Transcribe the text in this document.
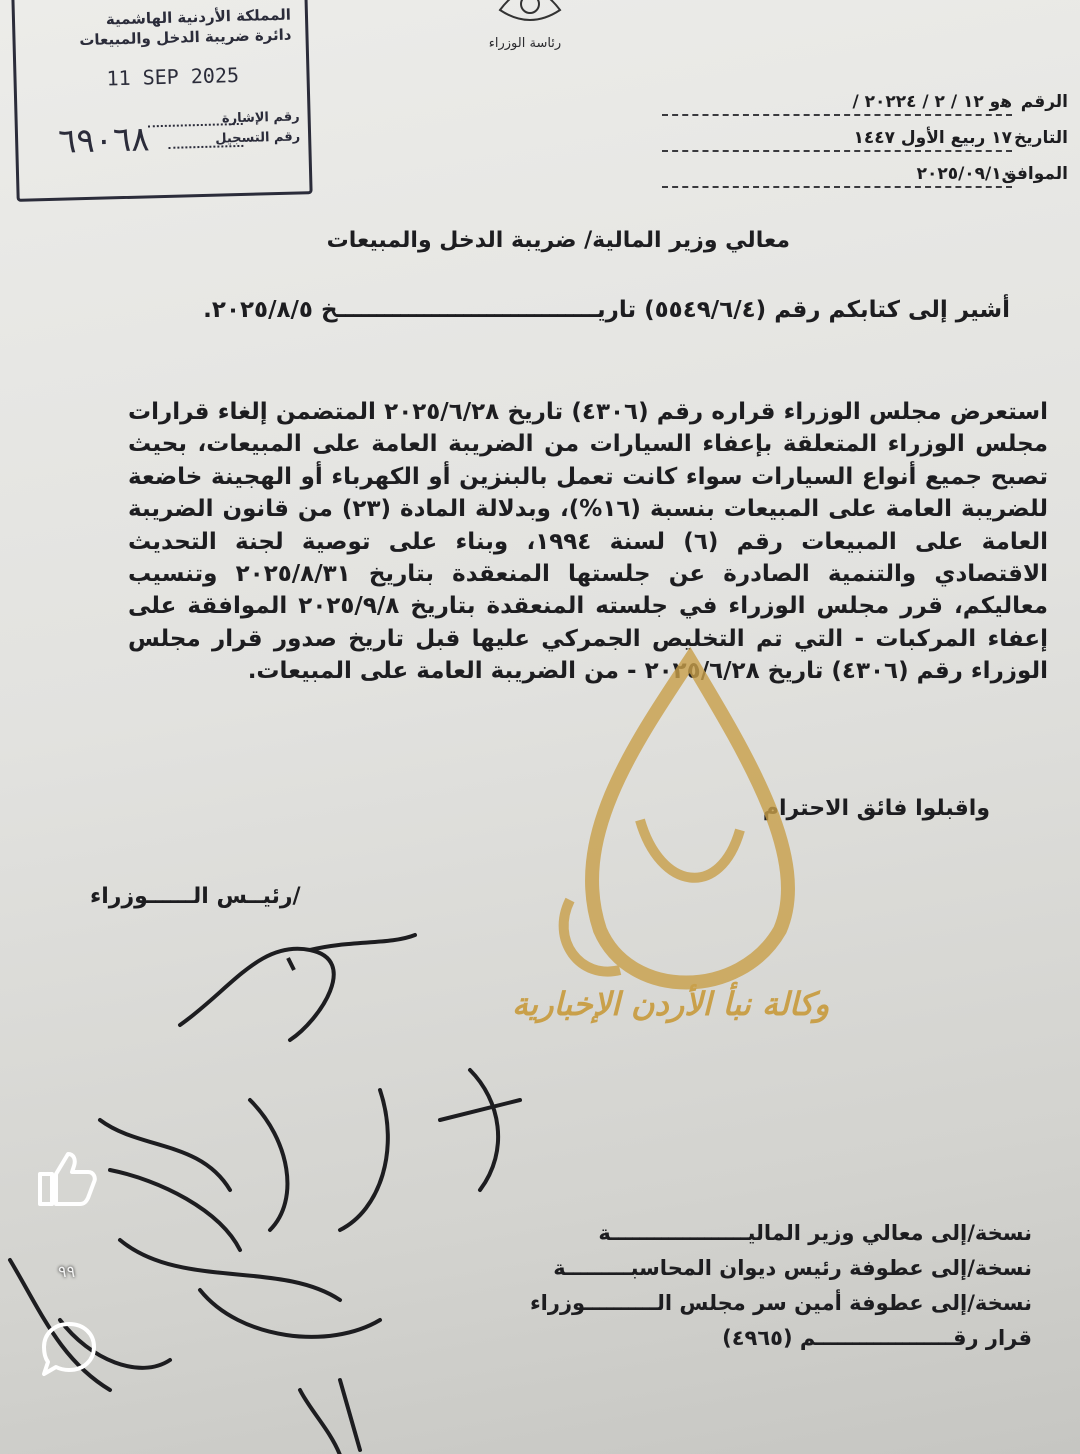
المملكة الأردنية الهاشمية
دائرة ضريبة الدخل والمبيعات
11 SEP 2025
رقم الإشارة
رقم التسجيل
٦٩٠٦٨
رئاسة الوزراء
الرقم
ﻫو ١٢ / ٢ / ٢٠٢٢٤ /
التاريخ
١٧ ربيع الأول ١٤٤٧
الموافق
٢٠٢٥/٠٩/١٠
معالي وزير المالية/ ضريبة الدخل والمبيعات
أشير إلى كتابكم رقم (٥٥٤٩/٦/٤) تاريـــــــــــــــــــــــــــــــــخ ٢٠٢٥/٨/٥.
استعرض مجلس الوزراء قراره رقم (٤٣٠٦) تاريخ ٢٠٢٥/٦/٢٨ المتضمن إلغاء قرارات مجلس الوزراء المتعلقة بإعفاء السيارات من الضريبة العامة على المبيعات، بحيث تصبح جميع أنواع السيارات سواء كانت تعمل بالبنزين أو الكهرباء أو الهجينة خاضعة للضريبة العامة على المبيعات بنسبة (١٦%)، وبدلالة المادة (٢٣) من قانون الضريبة العامة على المبيعات رقم (٦) لسنة ١٩٩٤، وبناء على توصية لجنة التحديث الاقتصادي والتنمية الصادرة عن جلستها المنعقدة بتاريخ ٢٠٢٥/٨/٣١ وتنسيب معاليكم، قرر مجلس الوزراء في جلسته المنعقدة بتاريخ ٢٠٢٥/٩/٨ الموافقة على إعفاء المركبات - التي تم التخليص الجمركي عليها قبل تاريخ صدور قرار مجلس الوزراء رقم (٤٣٠٦) تاريخ ٢٠٢٥/٦/٢٨ - من الضريبة العامة على المبيعات.
واقبلوا فائق الاحترام
/رئيــس الــــــوزراء
وكالة نبأ الأردن الإخبارية
نسخة/إلى معالي وزير الماليـــــــــــــــــــة
نسخة/إلى عطوفة رئيس ديوان المحاسبـــــــــة
نسخة/إلى عطوفة أمين سر مجلس الــــــــــوزراء
قرار رقـــــــــــــــــــم (٤٩٦٥)
٩٩
